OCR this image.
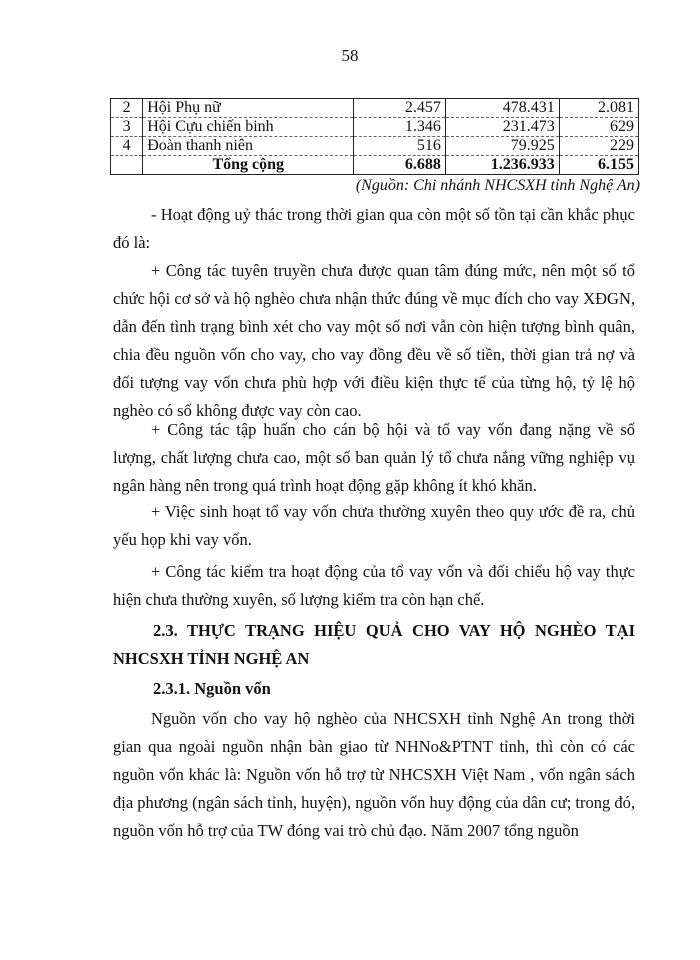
58
2	Hội Phụ nữ	2.457	478.431	2.081
3	Hội Cựu chiến binh	1.346	231.473	629
4	Đoàn thanh niên	516	79.925	229
	Tổng cộng	6.688	1.236.933	6.155
(Nguồn: Chi nhánh NHCSXH tỉnh Nghệ An)

- Hoạt động uỷ thác trong thời gian qua còn một số tồn tại cần khắc phục đó là:

+ Công tác tuyên truyền chưa được quan tâm đúng mức, nên một số tổ chức hội cơ sở và hộ nghèo chưa nhận thức đúng về mục đích cho vay XĐGN, dẫn đến tình trạng bình xét cho vay một số nơi vẫn còn hiện tượng bình quân, chia đều nguồn vốn cho vay, cho vay đồng đều về số tiền, thời gian trả nợ và đối tượng vay vốn chưa phù hợp với điều kiện thực tế của từng hộ, tỷ lệ hộ nghèo có số không được vay còn cao.

+ Công tác tập huấn cho cán bộ hội và tổ vay vốn đang nặng về số lượng, chất lượng chưa cao, một số ban quản lý tổ chưa nắng vững nghiệp vụ ngân hàng nên trong quá trình hoạt động gặp không ít khó khăn.

+ Việc sinh hoạt tổ vay vốn chưa thường xuyên theo quy ước đề ra, chủ yếu họp khi vay vốn.

+ Công tác kiểm tra hoạt động của tổ vay vốn và đối chiếu hộ vay thực hiện chưa thường xuyên, số lượng kiểm tra còn hạn chế.

2.3. THỰC TRẠNG HIỆU QUẢ CHO VAY HỘ NGHÈO TẠI NHCSXH TỈNH NGHỆ AN

2.3.1. Nguồn vốn

Nguồn vốn cho vay hộ nghèo của NHCSXH tỉnh Nghệ An trong thời gian qua ngoài nguồn nhận bàn giao từ NHNo&PTNT tỉnh, thì còn có các nguồn vốn khác là: Nguồn vốn hỗ trợ từ NHCSXH Việt Nam , vốn ngân sách địa phương (ngân sách tỉnh, huyện), nguồn vốn huy động của dân cư; trong đó, nguồn vốn hỗ trợ của TW đóng vai trò chủ đạo. Năm 2007 tổng nguồn
